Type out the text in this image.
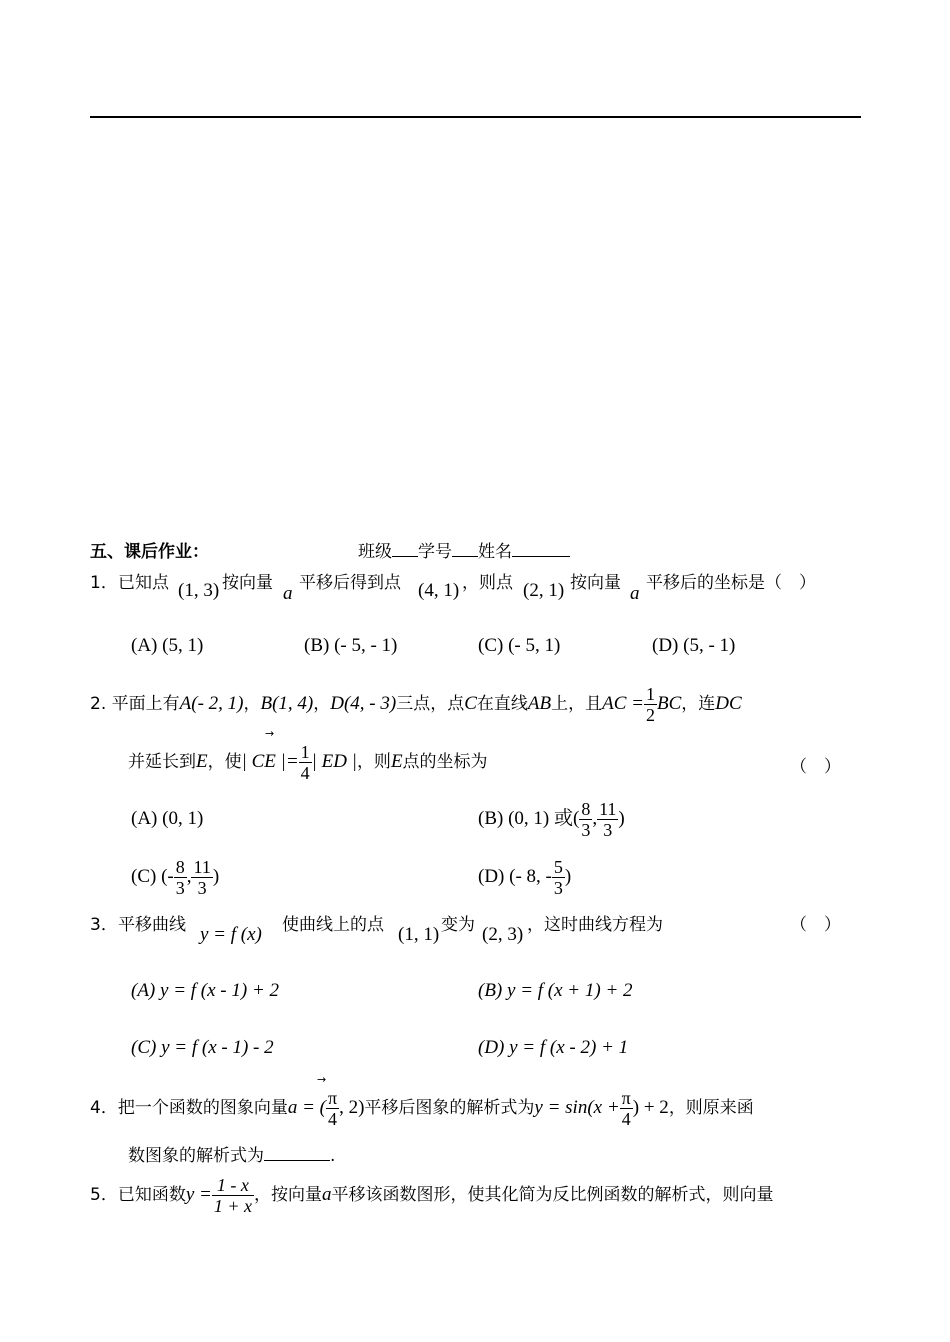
五、课后作业：	班级 学号 姓名
1． 已知点 (1, 3) 按向量 a 平移后得到点 (4, 1) ，则点 (2, 1) 按向量 a 平移后的坐标是（　）
(A) (5, 1)	(B) (- 5, - 1)	(C) (- 5, 1)	(D) (5, - 1)
2. 平面上有A(- 2, 1)，B(1, 4)，D(4, - 3)三点，点C在直线AB上，且AC = $\frac{1}{2}$ BC，连DC
→
并延长到E，使| CE |= $\frac{1}{4}$ | ED |，则E点的坐标为	（　）
(A) (0, 1)	(B) (0, 1) 或( $\frac{8}{3}$ , $\frac{11}{3}$ )
(C) (- $\frac{8}{3}$ , $\frac{11}{3}$ )	(D) (- 8, - $\frac{5}{3}$ )
3． 平移曲线 y = f (x) 使曲线上的点 (1, 1) 变为 (2, 3) ，这时曲线方程为	（　）
(A) y = f (x - 1) + 2	(B) y = f (x + 1) + 2
(C) y = f (x - 1) - 2	(D) y = f (x - 2) + 1
→
4．把一个函数的图象向量a = ( $\frac{\pi}{4}$ , 2)平移后图象的解析式为$y = \sin(x + \frac{\pi}{4}$ ) + 2，则原来函
数图象的解析式为	.
5．已知函数$y = \frac{1 - x}{1 + x}$ ，按向量a平移该函数图形，使其化简为反比例函数的解析式，则向量
